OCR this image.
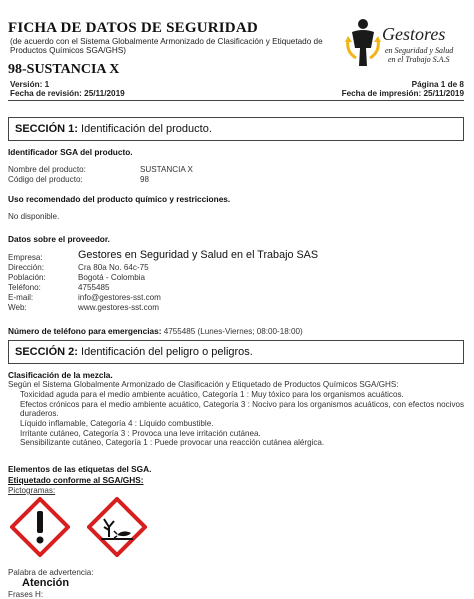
FICHA DE DATOS DE SEGURIDAD
(de acuerdo con el Sistema Globalmente Armonizado de Clasificación y Etiquetado de
Productos Químicos SGA/GHS)
98-SUSTANCIA X
Gestores
en Seguridad y Salud
en el Trabajo S.A.S
Versión: 1
Fecha de revisión: 25/11/2019
Página 1 de 8
Fecha de impresión: 25/11/2019
SECCIÓN 1: Identificación del producto.
Identificador SGA del producto.
Nombre del producto:	SUSTANCIA X
Código del producto:	98
Uso recomendado del producto químico y restricciones.
No disponible.
Datos sobre el proveedor.
Empresa:	Gestores en Seguridad y Salud en el Trabajo SAS
Dirección:	Cra 80a No. 64c-75
Población:	Bogotá - Colombia
Teléfono:	4755485
E-mail:	info@gestores-sst.com
Web:	www.gestores-sst.com
Número de teléfono para emergencias: 4755485 (Lunes-Viernes; 08:00-18:00)
SECCIÓN 2: Identificación del peligro o peligros.
Clasificación de la mezcla.
Según el Sistema Globalmente Armonizado de Clasificación y Etiquetado de Productos Químicos SGA/GHS:
Toxicidad aguda para el medio ambiente acuático, Categoría 1 : Muy tóxico para los organismos acuáticos.
Efectos crónicos para el medio ambiente acuático, Categoría 3 : Nocivo para los organismos acuáticos, con efectos nocivos
duraderos.
Líquido inflamable, Categoría 4 : Líquido combustible.
Irritante cutáneo, Categoría 3 : Provoca una leve irritación cutánea.
Sensibilizante cutáneo, Categoría 1 : Puede provocar una reacción cutánea alérgica.
Elementos de las etiquetas del SGA.
Etiquetado conforme al SGA/GHS:
Pictogramas:
Palabra de advertencia:
Atención
Frases H:
